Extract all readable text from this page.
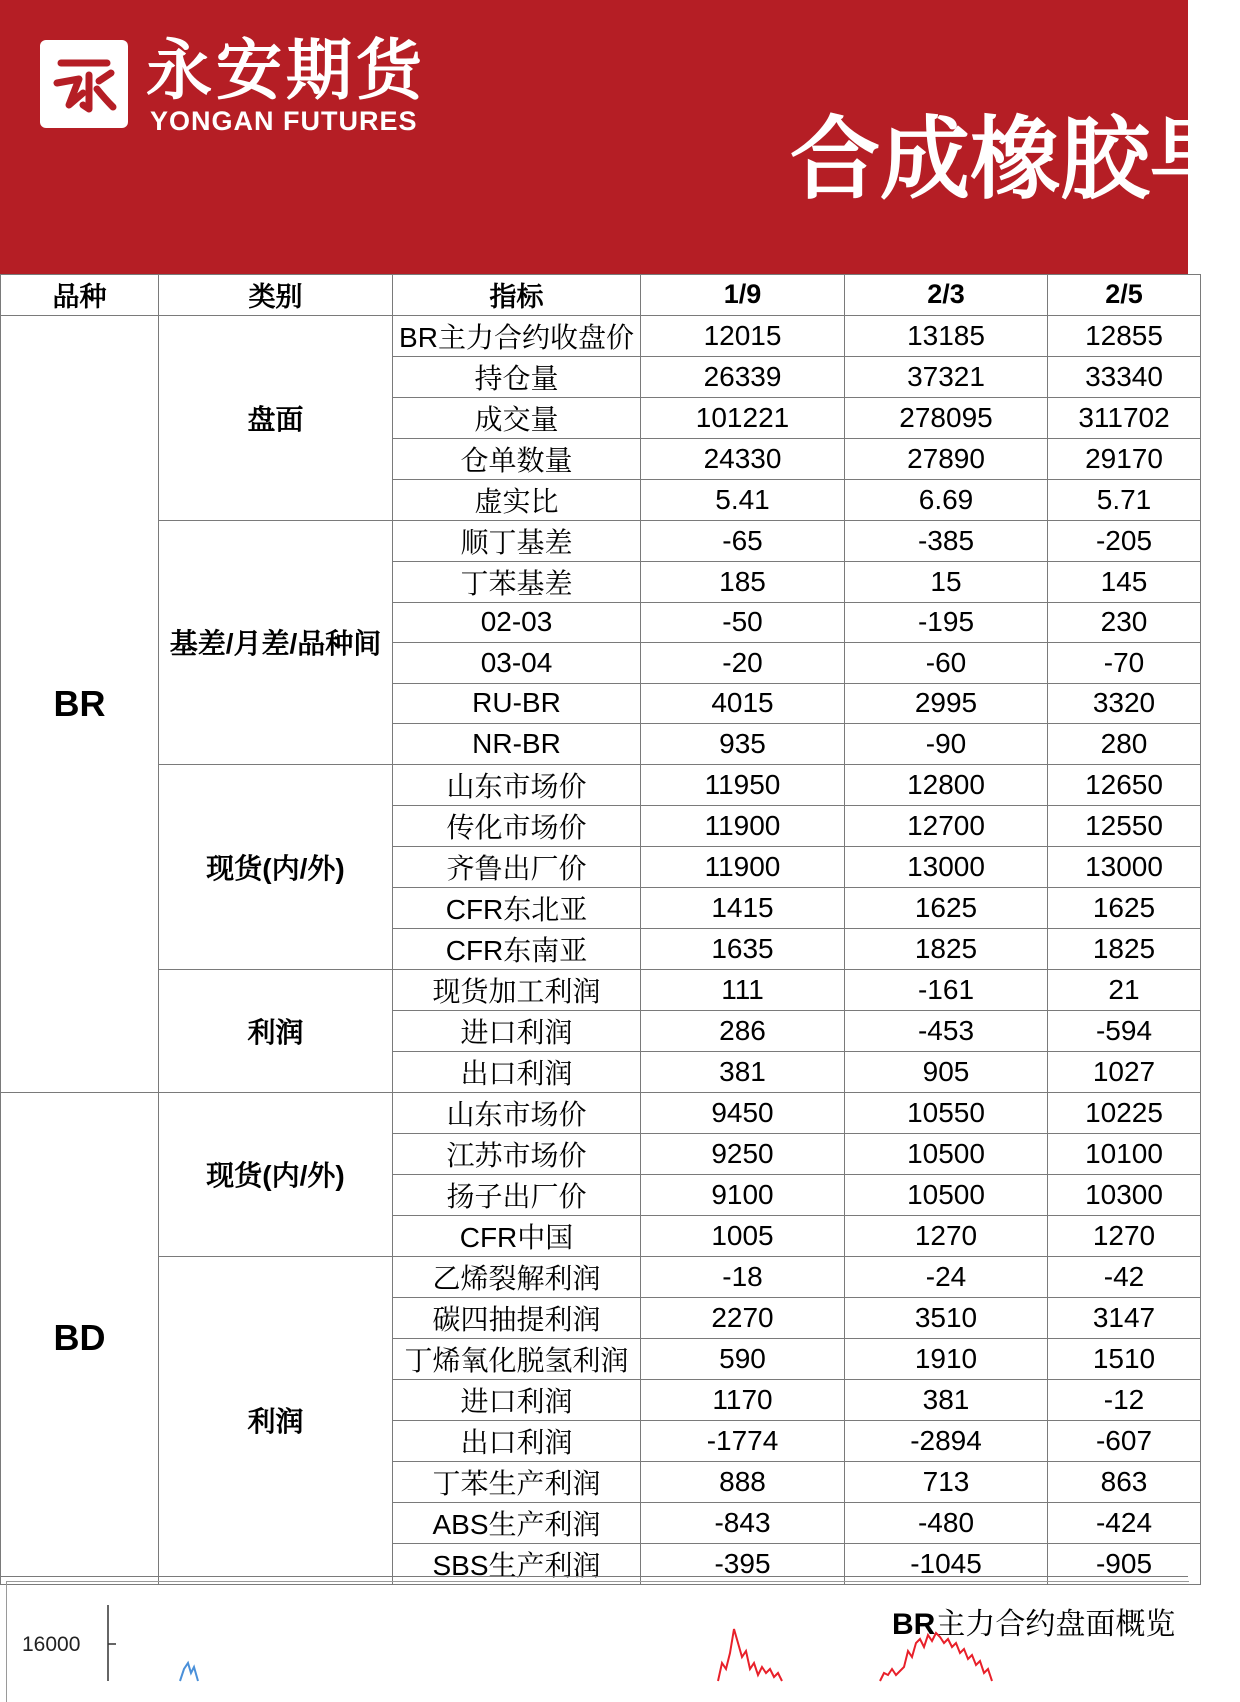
永安期货
YONGAN FUTURES	合成橡胶早
品种	类别	指标	1/9	2/3	2/5
BR	盘面	BR主力合约收盘价	12015	13185	12855
		持仓量	26339	37321	33340
		成交量	101221	278095	311702
		仓单数量	24330	27890	29170
		虚实比	5.41	6.69	5.71
	基差/月差/品种间	顺丁基差	-65	-385	-205
		丁苯基差	185	15	145
		02-03	-50	-195	230
		03-04	-20	-60	-70
		RU-BR	4015	2995	3320
		NR-BR	935	-90	280
	现货(内/外)	山东市场价	11950	12800	12650
		传化市场价	11900	12700	12550
		齐鲁出厂价	11900	13000	13000
		CFR东北亚	1415	1625	1625
		CFR东南亚	1635	1825	1825
	利润	现货加工利润	111	-161	21
		进口利润	286	-453	-594
		出口利润	381	905	1027
BD	现货(内/外)	山东市场价	9450	10550	10225
		江苏市场价	9250	10500	10100
		扬子出厂价	9100	10500	10300
		CFR中国	1005	1270	1270
	利润	乙烯裂解利润	-18	-24	-42
		碳四抽提利润	2270	3510	3147
		丁烯氧化脱氢利润	590	1910	1510
		进口利润	1170	381	-12
		出口利润	-1774	-2894	-607
		丁苯生产利润	888	713	863
		ABS生产利润	-843	-480	-424
		SBS生产利润	-395	-1045	-905
BR主力合约盘面概览
16000
